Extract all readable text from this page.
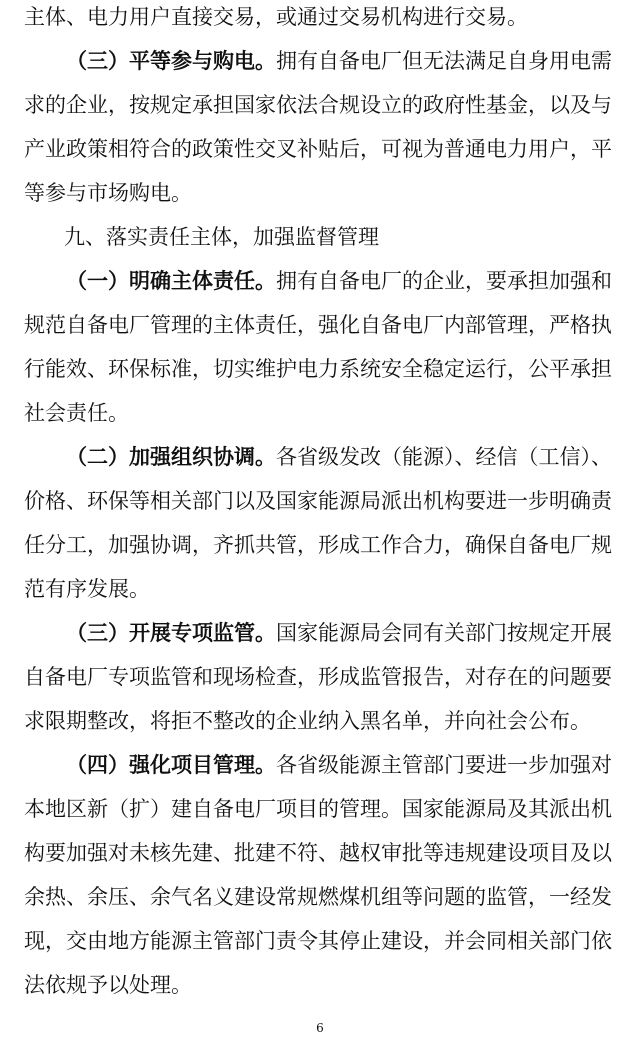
主体、电力用户直接交易，或通过交易机构进行交易。
（三）平等参与购电。拥有自备电厂但无法满足自身用电需
求的企业，按规定承担国家依法合规设立的政府性基金，以及与
产业政策相符合的政策性交叉补贴后，可视为普通电力用户，平
等参与市场购电。
九、落实责任主体，加强监督管理
（一）明确主体责任。拥有自备电厂的企业，要承担加强和
规范自备电厂管理的主体责任，强化自备电厂内部管理，严格执
行能效、环保标准，切实维护电力系统安全稳定运行，公平承担
社会责任。
（二）加强组织协调。各省级发改（能源）、经信（工信）、
价格、环保等相关部门以及国家能源局派出机构要进一步明确责
任分工，加强协调，齐抓共管，形成工作合力，确保自备电厂规
范有序发展。
（三）开展专项监管。国家能源局会同有关部门按规定开展
自备电厂专项监管和现场检查，形成监管报告，对存在的问题要
求限期整改，将拒不整改的企业纳入黑名单，并向社会公布。
（四）强化项目管理。各省级能源主管部门要进一步加强对
本地区新（扩）建自备电厂项目的管理。国家能源局及其派出机
构要加强对未核先建、批建不符、越权审批等违规建设项目及以
余热、余压、余气名义建设常规燃煤机组等问题的监管，一经发
现，交由地方能源主管部门责令其停止建设，并会同相关部门依
法依规予以处理。
6
